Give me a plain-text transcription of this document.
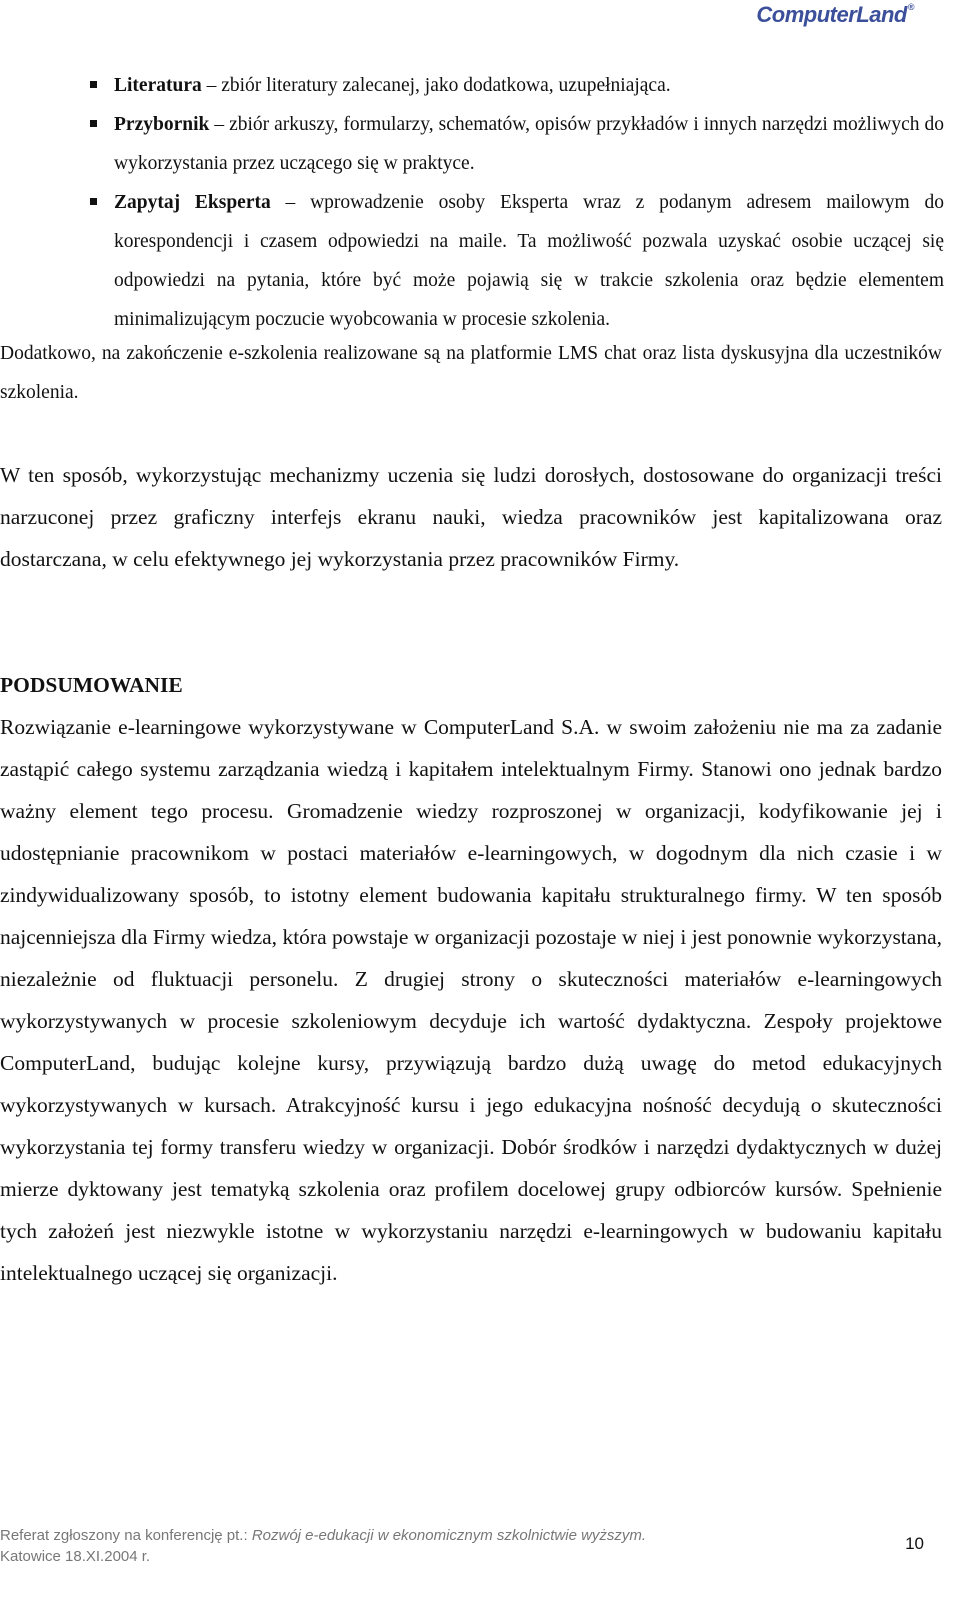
ComputerLand®
Literatura – zbiór literatury zalecanej, jako dodatkowa, uzupełniająca.
Przybornik – zbiór arkuszy, formularzy, schematów, opisów przykładów i innych narzędzi możliwych do wykorzystania przez uczącego się w praktyce.
Zapytaj Eksperta – wprowadzenie osoby Eksperta wraz z podanym adresem mailowym do korespondencji i czasem odpowiedzi na maile. Ta możliwość pozwala uzyskać osobie uczącej się odpowiedzi na pytania, które być może pojawią się w trakcie szkolenia oraz będzie elementem minimalizującym poczucie wyobcowania w procesie szkolenia.

Dodatkowo, na zakończenie e-szkolenia realizowane są na platformie LMS chat oraz lista dyskusyjna dla uczestników szkolenia.

W ten sposób, wykorzystując mechanizmy uczenia się ludzi dorosłych, dostosowane do organizacji treści narzuconej przez graficzny interfejs ekranu nauki, wiedza pracowników jest kapitalizowana oraz dostarczana, w celu efektywnego jej wykorzystania przez pracowników Firmy.

PODSUMOWANIE

Rozwiązanie e-learningowe wykorzystywane w ComputerLand S.A. w swoim założeniu nie ma za zadanie zastąpić całego systemu zarządzania wiedzą i kapitałem intelektualnym Firmy. Stanowi ono jednak bardzo ważny element tego procesu. Gromadzenie wiedzy rozproszonej w organizacji, kodyfikowanie jej i udostępnianie pracownikom w postaci materiałów e-learningowych, w dogodnym dla nich czasie i w zindywidualizowany sposób, to istotny element budowania kapitału strukturalnego firmy. W ten sposób najcenniejsza dla Firmy wiedza, która powstaje w organizacji pozostaje w niej i jest ponownie wykorzystana, niezależnie od fluktuacji personelu. Z drugiej strony o skuteczności materiałów e-learningowych wykorzystywanych w procesie szkoleniowym decyduje ich wartość dydaktyczna. Zespoły projektowe ComputerLand, budując kolejne kursy, przywiązują bardzo dużą uwagę do metod edukacyjnych wykorzystywanych w kursach. Atrakcyjność kursu i jego edukacyjna nośność decydują o skuteczności wykorzystania tej formy transferu wiedzy w organizacji. Dobór środków i narzędzi dydaktycznych w dużej mierze dyktowany jest tematyką szkolenia oraz profilem docelowej grupy odbiorców kursów. Spełnienie tych założeń jest niezwykle istotne w wykorzystaniu narzędzi e-learningowych w budowaniu kapitału intelektualnego uczącej się organizacji.

Referat zgłoszony na konferencję pt.: Rozwój e-edukacji w ekonomicznym szkolnictwie wyższym.
Katowice 18.XI.2004 r.
10
